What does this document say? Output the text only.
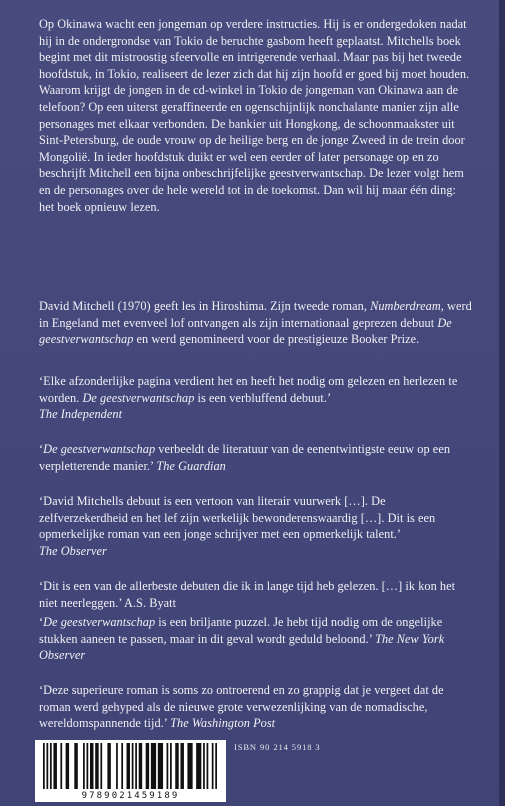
Op Okinawa wacht een jongeman op verdere instructies. Hij is er ondergedoken nadat hij in de ondergrondse van Tokio de beruchte gasbom heeft geplaatst. Mitchells boek begint met dit mistroostig sfeervolle en intrigerende verhaal. Maar pas bij het tweede hoofdstuk, in Tokio, realiseert de lezer zich dat hij zijn hoofd er goed bij moet houden. Waarom krijgt de jongen in de cd-winkel in Tokio de jongeman van Okinawa aan de telefoon? Op een uiterst geraffineerde en ogenschijnlijk nonchalante manier zijn alle personages met elkaar verbonden. De bankier uit Hongkong, de schoonmaakster uit Sint-Petersburg, de oude vrouw op de heilige berg en de jonge Zweed in de trein door Mongolië. In ieder hoofdstuk duikt er wel een eerder of later personage op en zo beschrijft Mitchell een bijna onbeschrijfelijke geestverwantschap. De lezer volgt hem en de personages over de hele wereld tot in de toekomst. Dan wil hij maar één ding: het boek opnieuw lezen.

David Mitchell (1970) geeft les in Hiroshima. Zijn tweede roman, Numberdream, werd in Engeland met evenveel lof ontvangen als zijn internationaal geprezen debuut De geestverwantschap en werd genomineerd voor de prestigieuze Booker Prize.

‘Elke afzonderlijke pagina verdient het en heeft het nodig om gelezen en herlezen te worden. De geestverwantschap is een verbluffend debuut.’
The Independent

‘De geestverwantschap verbeeldt de literatuur van de eenentwintigste eeuw op een verpletterende manier.’ The Guardian

‘David Mitchells debuut is een vertoon van literair vuurwerk […]. De zelfverzekerdheid en het lef zijn werkelijk bewonderenswaardig […]. Dit is een opmerkelijke roman van een jonge schrijver met een opmerkelijk talent.’
The Observer

‘Dit is een van de allerbeste debuten die ik in lange tijd heb gelezen. […] ik kon het niet neerleggen.’ A.S. Byatt

‘De geestverwantschap is een briljante puzzel. Je hebt tijd nodig om de ongelijke stukken aaneen te passen, maar in dit geval wordt geduld beloond.’ The New York Observer

‘Deze superieure roman is soms zo ontroerend en zo grappig dat je vergeet dat de roman werd gehyped als de nieuwe grote verwezenlijking van de nomadische, wereldomspannende tijd.’ The Washington Post

9789021459189
ISBN 90 214 5918 3
